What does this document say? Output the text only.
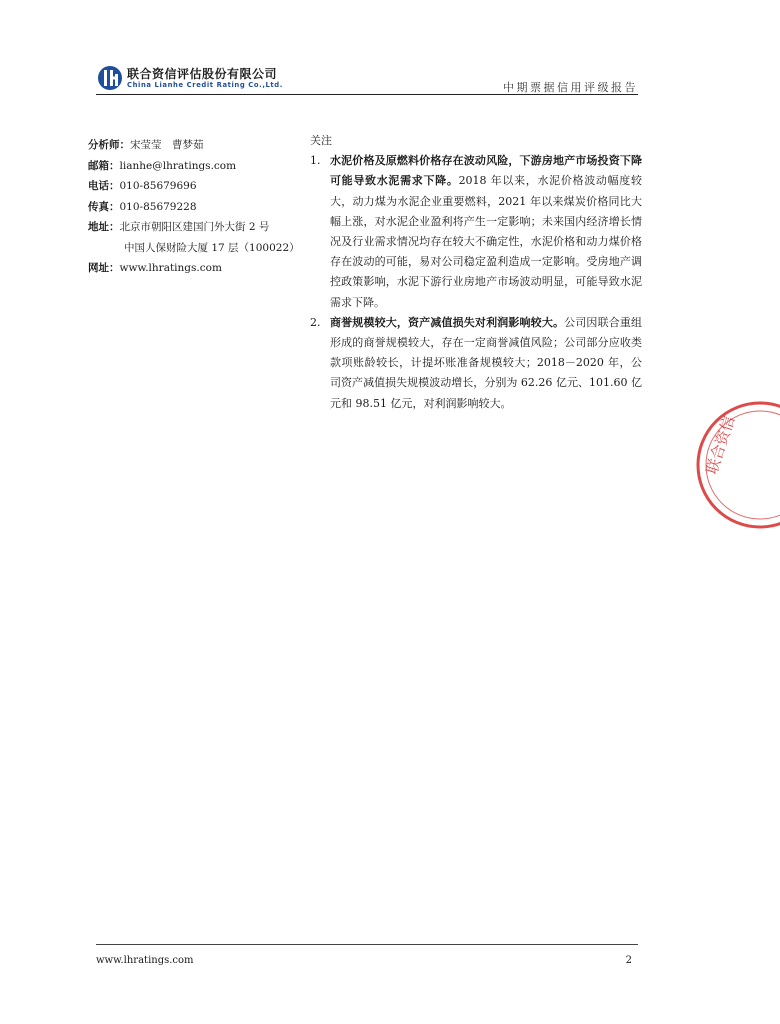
联合资信评估股份有限公司
China Lianhe Credit Rating Co.,Ltd.	中期票据信用评级报告
分析师：宋莹莹　曹梦茹
邮箱：lianhe@lhratings.com
电话：010-85679696
传真：010-85679228
地址：北京市朝阳区建国门外大街 2 号
中国人保财险大厦 17 层（100022）
网址：www.lhratings.com
关注
1. 水泥价格及原燃料价格存在波动风险，下游房地产市场投资下降可能导致水泥需求下降。2018 年以来，水泥价格波动幅度较大，动力煤为水泥企业重要燃料，2021 年以来煤炭价格同比大幅上涨，对水泥企业盈利将产生一定影响；未来国内经济增长情况及行业需求情况均存在较大不确定性，水泥价格和动力煤价格存在波动的可能，易对公司稳定盈利造成一定影响。受房地产调控政策影响，水泥下游行业房地产市场波动明显，可能导致水泥需求下降。
2. 商誉规模较大，资产减值损失对利润影响较大。公司因联合重组形成的商誉规模较大，存在一定商誉减值风险；公司部分应收类款项账龄较长，计提坏账准备规模较大；2018－2020 年，公司资产减值损失规模波动增长，分别为 62.26 亿元、101.60 亿元和 98.51 亿元，对利润影响较大。
联合资信
www.lhratings.com	2
